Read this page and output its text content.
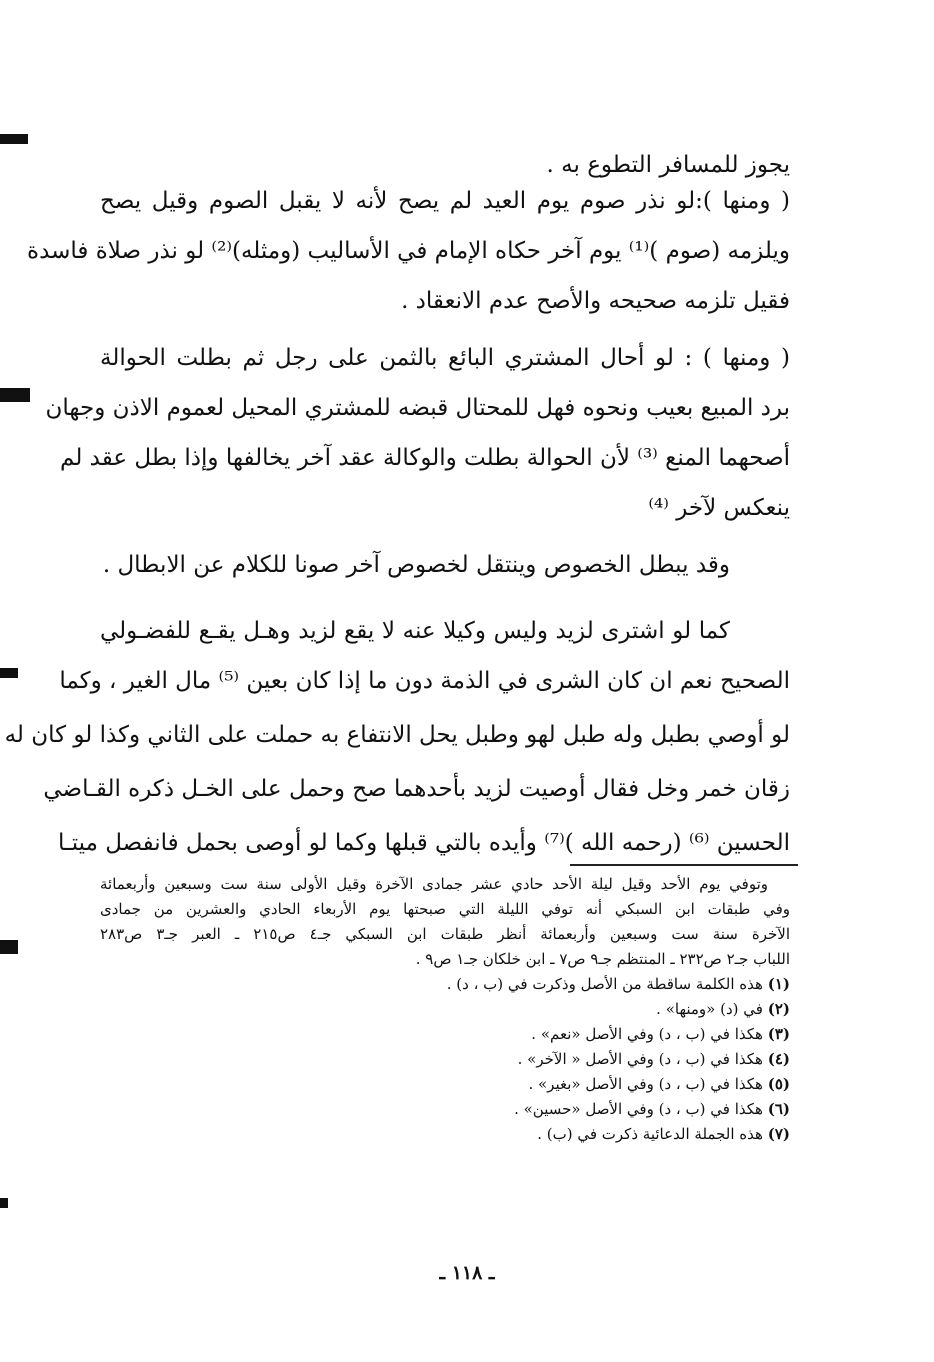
يجوز للمسافر التطوع به .
( ومنها ):لو نذر صوم يوم العيد لم يصح لأنه لا يقبل الصوم وقيل يصح
ويلزمه (صوم )⁽¹⁾ يوم آخر حكاه الإمام في الأساليب (ومثله)⁽²⁾ لو نذر صلاة فاسدة
فقيل تلزمه صحيحه والأصح عدم الانعقاد .
( ومنها ) : لو أحال المشتري البائع بالثمن على رجل ثم بطلت الحوالة
برد المبيع بعيب ونحوه فهل للمحتال قبضه للمشتري المحيل لعموم الاذن وجهان
أصحهما المنع ⁽³⁾ لأن الحوالة بطلت والوكالة عقد آخر يخالفها وإذا بطل عقد لم
ينعكس لآخر ⁽⁴⁾
وقد يبطل الخصوص وينتقل لخصوص آخر صونا للكلام عن الابطال .
كما لو اشترى لزيد وليس وكيلا عنه لا يقع لزيد وهـل يقـع للفضـولي
الصحيح نعم ان كان الشرى في الذمة دون ما إذا كان بعين ⁽⁵⁾ مال الغير ، وكما
لو أوصي بطبل وله طبل لهو وطبل يحل الانتفاع به حملت على الثاني وكذا لو كان له
زقان خمر وخل فقال أوصيت لزيد بأحدهما صح وحمل على الخـل ذكره القـاضي
الحسين ⁽⁶⁾ (رحمه الله )⁽⁷⁾ وأيده بالتي قبلها وكما لو أوصى بحمل فانفصل ميتـا
وتوفي يوم الأحد وقيل ليلة الأحد حادي عشر جمادى الآخرة وقيل الأولى سنة ست وسبعين وأربعمائة
وفي طبقات ابن السبكي أنه توفي الليلة التي صبحتها يوم الأربعاء الحادي والعشرين من جمادى
الآخرة سنة ست وسبعين وأربعمائة أنظر طبقات ابن السبكي جـ٤ ص٢١٥ ـ العبر جـ٣ ص٢٨٣
اللباب جـ٢ ص٢٣٢ ـ المنتظم جـ٩ ص٧ ـ ابن خلكان جـ١ ص٩ .
(١) هذه الكلمة ساقطة من الأصل وذكرت في (ب ، د) .
(٢) في (د) «ومنها» .
(٣) هكذا في (ب ، د) وفي الأصل «نعم» .
(٤) هكذا في (ب ، د) وفي الأصل « الآخر» .
(٥) هكذا في (ب ، د) وفي الأصل «بغير» .
(٦) هكذا في (ب ، د) وفي الأصل «حسين» .
(٧) هذه الجملة الدعائية ذكرت في (ب) .
ـ ١١٨ ـ
